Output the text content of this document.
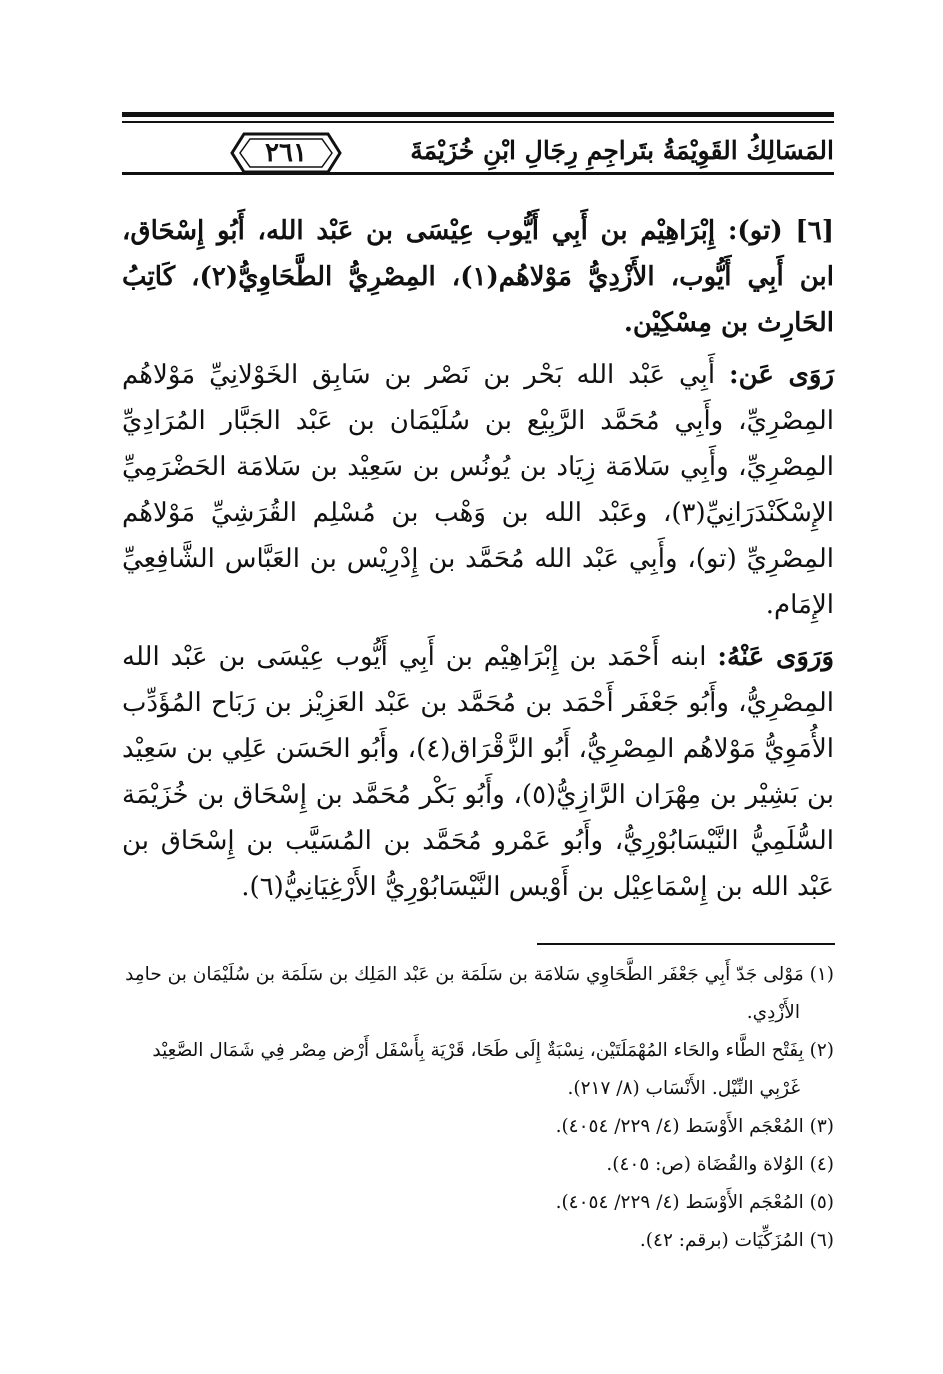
المَسَالِكُ القَوِيْمَةُ بتَراجِمِ رِجَالِ ابْنِ خُزَيْمَةَ
٢٦١

[٦] (تو): إِبْرَاهِيْم بن أَبِي أَيُّوب عِيْسَى بن عَبْد الله، أَبُو إِسْحَاق، ابن أَبِي أَيُّوب، الأَزْدِيُّ مَوْلاهُم(١)، المِصْرِيُّ الطَّحَاوِيُّ(٢)، كَاتِبُ الحَارِث بن مِسْكِيْن.

رَوَى عَن: أَبِي عَبْد الله بَحْر بن نَصْر بن سَابِق الخَوْلانِيِّ مَوْلاهُم المِصْرِيِّ، وأَبِي مُحَمَّد الرَّبِيْع بن سُلَيْمَان بن عَبْد الجَبَّار المُرَادِيِّ المِصْرِيِّ، وأَبِي سَلامَة زِيَاد بن يُونُس بن سَعِيْد بن سَلامَة الحَضْرَمِيِّ الإِسْكَنْدَرَانِيِّ(٣)، وعَبْد الله بن وَهْب بن مُسْلِم القُرَشِيِّ مَوْلاهُم المِصْرِيِّ (تو)، وأَبِي عَبْد الله مُحَمَّد بن إِدْرِيْس بن العَبَّاس الشَّافِعِيِّ الإِمَام.

وَرَوَى عَنْهُ: ابنه أَحْمَد بن إِبْرَاهِيْم بن أَبِي أَيُّوب عِيْسَى بن عَبْد الله المِصْرِيُّ، وأَبُو جَعْفَر أَحْمَد بن مُحَمَّد بن عَبْد العَزِيْز بن رَبَاح المُؤَدِّب الأُمَوِيُّ مَوْلاهُم المِصْرِيُّ، أَبُو الزَّقْرَاق(٤)، وأَبُو الحَسَن عَلِي بن سَعِيْد بن بَشِيْر بن مِهْرَان الرَّازِيُّ(٥)، وأَبُو بَكْر مُحَمَّد بن إِسْحَاق بن خُزَيْمَة السُّلَمِيُّ النَّيْسَابُوْرِيُّ، وأَبُو عَمْرو مُحَمَّد بن المُسَيَّب بن إِسْحَاق بن عَبْد الله بن إِسْمَاعِيْل بن أَوْيس النَّيْسَابُوْرِيُّ الأَرْغِيَانِيُّ(٦).

(١) مَوْلى جَدّ أَبِي جَعْفَر الطَّحَاوِي سَلامَة بن سَلَمَة بن عَبْد المَلِك بن سَلَمَة بن سُلَيْمَان بن حامِد الأَزْدِي.

(٢) بِفَتْح الطَّاء والحَاء المُهْمَلَتَيْن، نِسْبَةٌ إِلَى طَحَا، قَرْيَة بِأَسْفَل أَرْض مِصْر فِي شَمَال الصَّعِيْد غَرْبِي النِّيْل. الأَنْسَاب (٨/ ٢١٧).

(٣) المُعْجَم الأَوْسَط (٤/ ٢٢٩/ ٤٠٥٤).

(٤) الوُلاة والقُضَاة (ص: ٤٠٥).

(٥) المُعْجَم الأَوْسَط (٤/ ٢٢٩/ ٤٠٥٤).

(٦) المُزَكِّيَات (برقم: ٤٢).
